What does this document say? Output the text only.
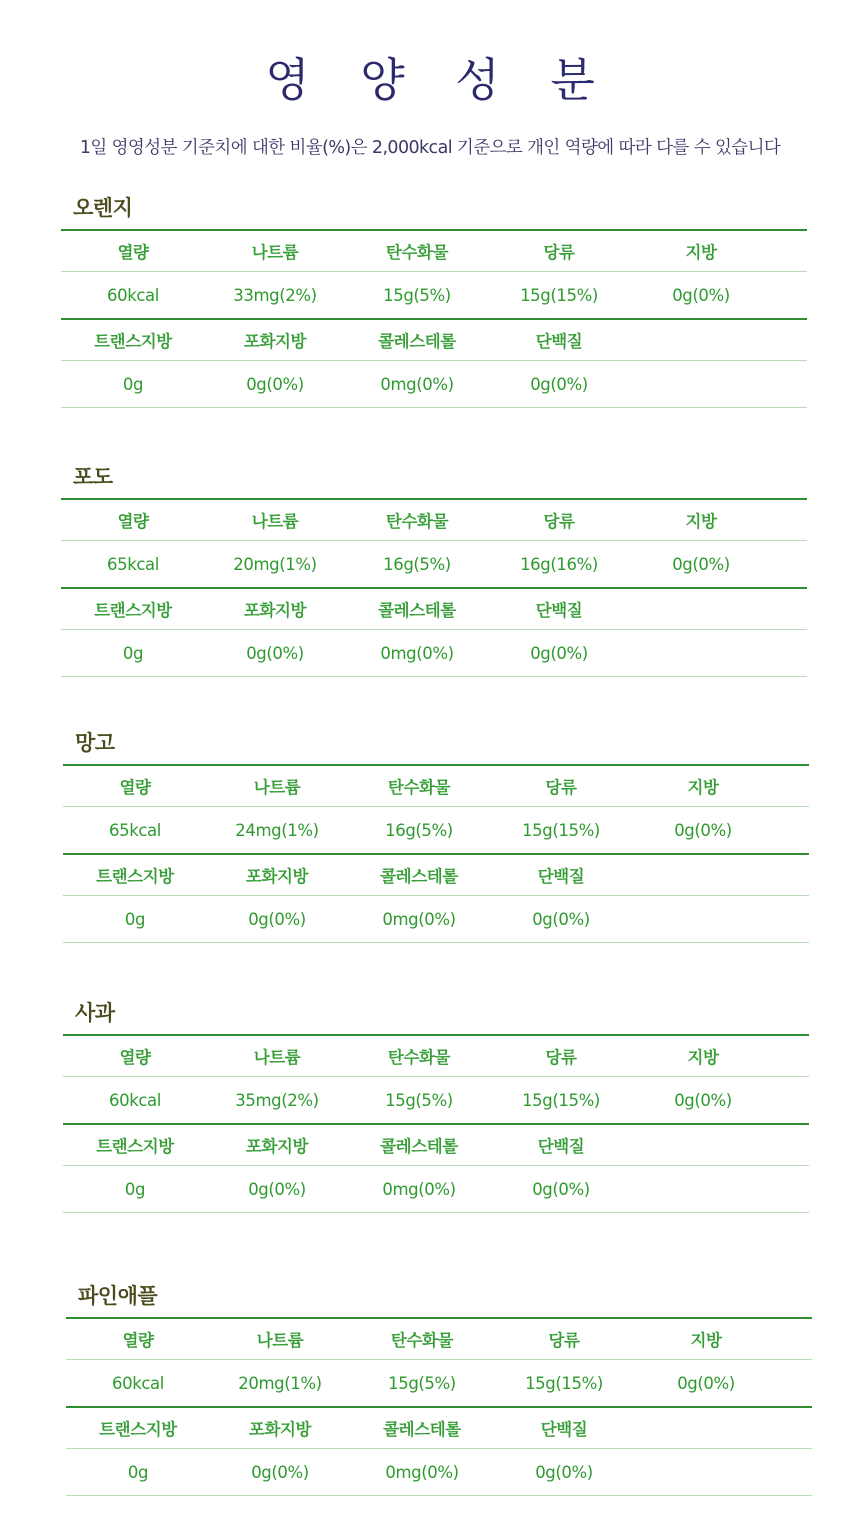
영 양 성 분
1일 영영성분 기준치에 대한 비율(%)은 2,000kcal 기준으로 개인 역량에 따라 다를 수 있습니다
오렌지
열량	나트륨	탄수화물	당류	지방
60kcal	33mg(2%)	15g(5%)	15g(15%)	0g(0%)
트랜스지방	포화지방	콜레스테롤	단백질
0g	0g(0%)	0mg(0%)	0g(0%)
포도
열량	나트륨	탄수화물	당류	지방
65kcal	20mg(1%)	16g(5%)	16g(16%)	0g(0%)
트랜스지방	포화지방	콜레스테롤	단백질
0g	0g(0%)	0mg(0%)	0g(0%)
망고
열량	나트륨	탄수화물	당류	지방
65kcal	24mg(1%)	16g(5%)	15g(15%)	0g(0%)
트랜스지방	포화지방	콜레스테롤	단백질
0g	0g(0%)	0mg(0%)	0g(0%)
사과
열량	나트륨	탄수화물	당류	지방
60kcal	35mg(2%)	15g(5%)	15g(15%)	0g(0%)
트랜스지방	포화지방	콜레스테롤	단백질
0g	0g(0%)	0mg(0%)	0g(0%)
파인애플
열량	나트륨	탄수화물	당류	지방
60kcal	20mg(1%)	15g(5%)	15g(15%)	0g(0%)
트랜스지방	포화지방	콜레스테롤	단백질
0g	0g(0%)	0mg(0%)	0g(0%)
